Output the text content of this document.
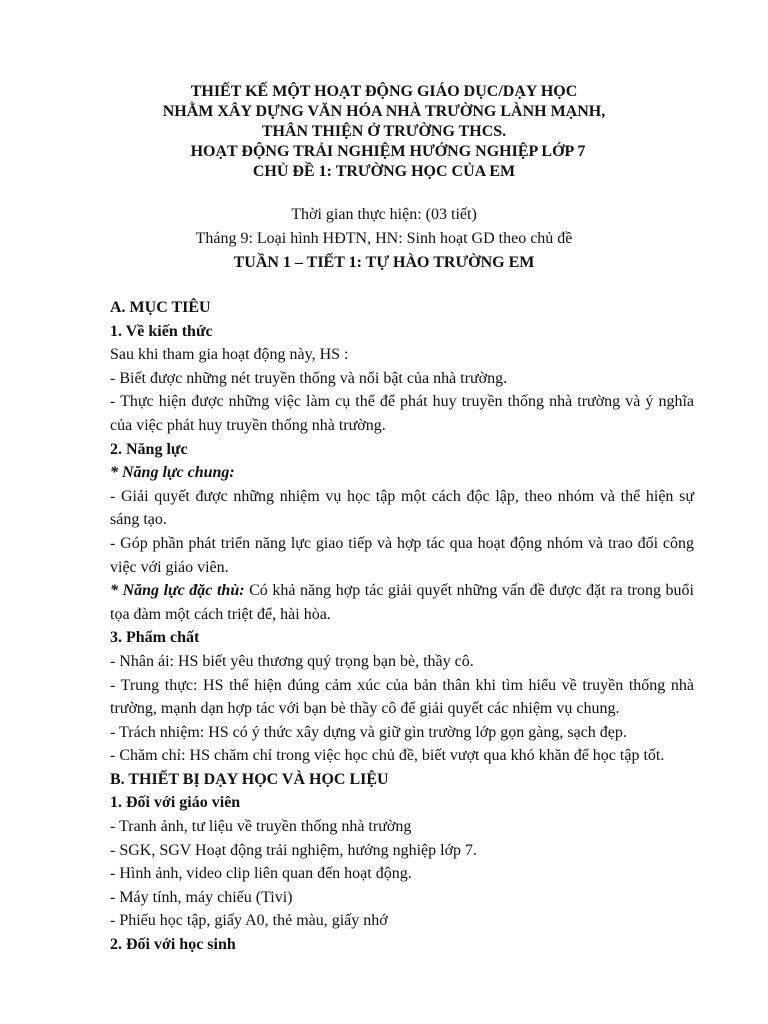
THIẾT KẾ MỘT HOẠT ĐỘNG GIÁO DỤC/DẠY HỌC
NHẰM XÂY DỰNG VĂN HÓA NHÀ TRƯỜNG LÀNH MẠNH,
THÂN THIỆN Ở TRƯỜNG THCS.
HOẠT ĐỘNG TRẢI NGHIỆM HƯỚNG NGHIỆP LỚP 7
CHỦ ĐỀ 1: TRƯỜNG HỌC CỦA EM
Thời gian thực hiện: (03 tiết)
Tháng 9: Loại hình HĐTN, HN: Sinh hoạt GD theo chủ đề
TUẦN 1 – TIẾT 1: TỰ HÀO TRƯỜNG EM

A. MỤC TIÊU

1. Về kiến thức

Sau khi tham gia hoạt động này, HS :

- Biết được những nét truyền thống và nổi bật của nhà trường.

- Thực hiện được những việc làm cụ thể để phát huy truyền thống nhà trường và ý nghĩa của việc phát huy truyền thống nhà trường.

2. Năng lực

* Năng lực chung:

- Giải quyết được những nhiệm vụ học tập một cách độc lập, theo nhóm và thể hiện sự sáng tạo.

- Góp phần phát triển năng lực giao tiếp và hợp tác qua hoạt động nhóm và trao đối công việc với giáo viên.

* Năng lực đặc thù: Có khả năng hợp tác giải quyết những vấn đề được đặt ra trong buổi tọa đàm một cách triệt để, hài hòa.

3. Phẩm chất

- Nhân ái: HS biết yêu thương quý trọng bạn bè, thầy cô.

- Trung thực: HS thể hiện đúng cảm xúc của bản thân khi tìm hiểu về truyền thống nhà trường, mạnh dạn hợp tác với bạn bè thầy cô để giải quyết các nhiệm vụ chung.

- Trách nhiệm: HS có ý thức xây dựng và giữ gìn trường lớp gọn gàng, sạch đẹp.

- Chăm chỉ: HS chăm chỉ trong việc học chủ đề, biết vượt qua khó khăn để học tập tốt.

B. THIẾT BỊ DẠY HỌC VÀ HỌC LIỆU

1. Đối với giáo viên

- Tranh ảnh, tư liệu về truyền thống nhà trường

- SGK, SGV Hoạt động trải nghiệm, hướng nghiệp lớp 7.

- Hình ảnh, video clip liên quan đến hoạt động.

- Máy tính, máy chiếu (Tivi)

- Phiếu học tập, giấy A0, thẻ màu, giấy nhớ

2. Đối với học sinh
